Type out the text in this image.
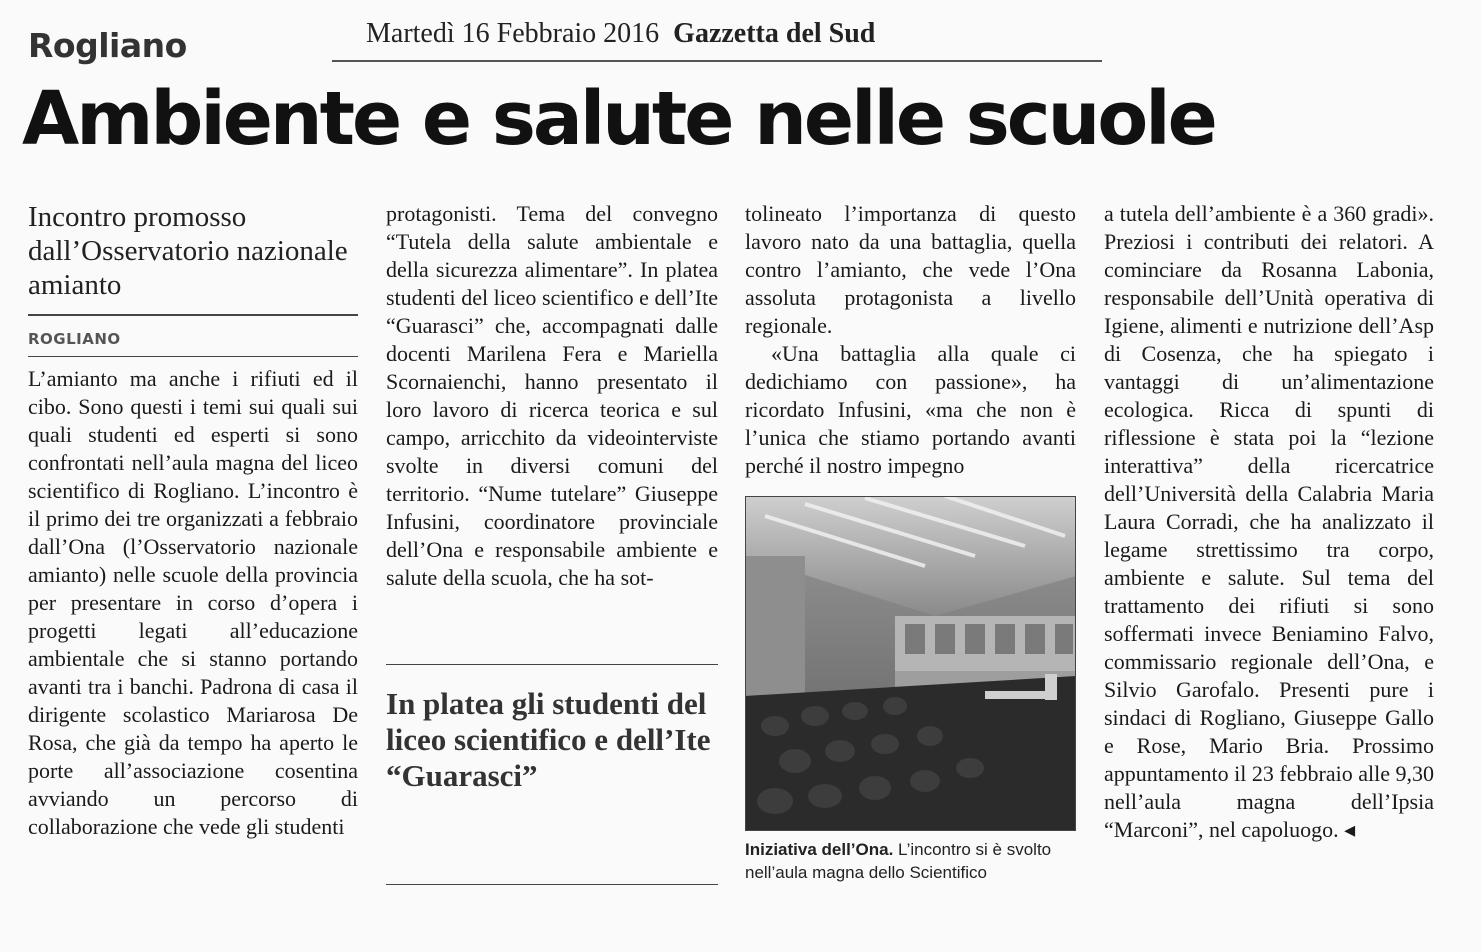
Rogliano	Martedì 16 Febbraio 2016 Gazzetta del Sud
Ambiente e salute nelle scuole
Incontro promosso dall’Osservatorio nazionale amianto
ROGLIANO

L’amianto ma anche i rifiuti ed il cibo. Sono questi i temi sui quali sui quali studenti ed esperti si sono confrontati nell’aula magna del liceo scientifico di Rogliano. L’incontro è il primo dei tre organizzati a febbraio dall’Ona (l’Osservatorio nazionale amianto) nelle scuole della provincia per presentare in corso d’opera i progetti legati all’educazione ambientale che si stanno portando avanti tra i banchi. Padrona di casa il dirigente scolastico Mariarosa De Rosa, che già da tempo ha aperto le porte all’associazione cosentina avviando un percorso di collaborazione che vede gli studenti

protagonisti. Tema del convegno “Tutela della salute ambientale e della sicurezza alimentare”. In platea studenti del liceo scientifico e dell’Ite “Guarasci” che, accompagnati dalle docenti Marilena Fera e Mariella Scornaienchi, hanno presentato il loro lavoro di ricerca teorica e sul campo, arricchito da videointerviste svolte in diversi comuni del territorio. “Nume tutelare” Giuseppe Infusini, coordinatore provinciale dell’Ona e responsabile ambiente e salute della scuola, che ha sot-

In platea gli studenti del liceo scientifico e dell’Ite “Guarasci”

tolineato l’importanza di questo lavoro nato da una battaglia, quella contro l’amianto, che vede l’Ona assoluta protagonista a livello regionale.

«Una battaglia alla quale ci dedichiamo con passione», ha ricordato Infusini, «ma che non è l’unica che stiamo portando avanti perché il nostro impegno

Iniziativa dell’Ona. L’incontro si è svolto nell’aula magna dello Scientifico

a tutela dell’ambiente è a 360 gradi». Preziosi i contributi dei relatori. A cominciare da Rosanna Labonia, responsabile dell’Unità operativa di Igiene, alimenti e nutrizione dell’Asp di Cosenza, che ha spiegato i vantaggi di un’alimentazione ecologica. Ricca di spunti di riflessione è stata poi la “lezione interattiva” della ricercatrice dell’Università della Calabria Maria Laura Corradi, che ha analizzato il legame strettissimo tra corpo, ambiente e salute. Sul tema del trattamento dei rifiuti si sono soffermati invece Beniamino Falvo, commissario regionale dell’Ona, e Silvio Garofalo. Presenti pure i sindaci di Rogliano, Giuseppe Gallo e Rose, Mario Bria. Prossimo appuntamento il 23 febbraio alle 9,30 nell’aula magna dell’Ipsia “Marconi”, nel capoluogo. ◂
